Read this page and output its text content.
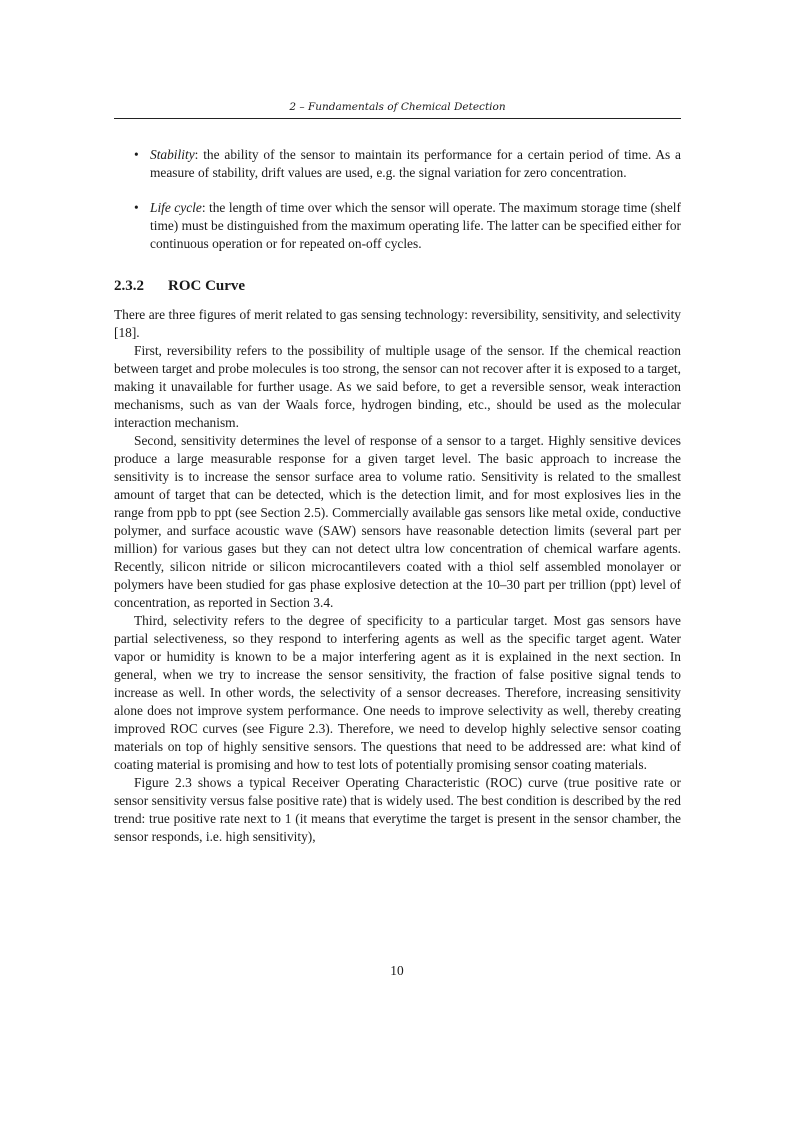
2 – Fundamentals of Chemical Detection
• Stability: the ability of the sensor to maintain its performance for a certain period of time. As a measure of stability, drift values are used, e.g. the signal variation for zero concentration.
• Life cycle: the length of time over which the sensor will operate. The maximum storage time (shelf time) must be distinguished from the maximum operating life. The latter can be specified either for continuous operation or for repeated on-off cycles.
2.3.2 ROC Curve

There are three figures of merit related to gas sensing technology: reversibility, sensitivity, and selectivity [18].

First, reversibility refers to the possibility of multiple usage of the sensor. If the chemical reaction between target and probe molecules is too strong, the sensor can not recover after it is exposed to a target, making it unavailable for further usage. As we said before, to get a reversible sensor, weak interaction mechanisms, such as van der Waals force, hydrogen binding, etc., should be used as the molecular interaction mechanism.

Second, sensitivity determines the level of response of a sensor to a target. Highly sensitive devices produce a large measurable response for a given target level. The basic approach to increase the sensitivity is to increase the sensor surface area to volume ratio. Sensitivity is related to the smallest amount of target that can be detected, which is the detection limit, and for most explosives lies in the range from ppb to ppt (see Section 2.5). Commercially available gas sensors like metal oxide, conductive polymer, and surface acoustic wave (SAW) sensors have reasonable detection limits (several part per million) for various gases but they can not detect ultra low concentration of chemical warfare agents. Recently, silicon nitride or silicon microcantilevers coated with a thiol self assembled monolayer or polymers have been studied for gas phase explosive detection at the 10–30 part per trillion (ppt) level of concentration, as reported in Section 3.4.

Third, selectivity refers to the degree of specificity to a particular target. Most gas sensors have partial selectiveness, so they respond to interfering agents as well as the specific target agent. Water vapor or humidity is known to be a major interfering agent as it is explained in the next section. In general, when we try to increase the sensor sensitivity, the fraction of false positive signal tends to increase as well. In other words, the selectivity of a sensor decreases. Therefore, increasing sensitivity alone does not improve system performance. One needs to improve selectivity as well, thereby creating improved ROC curves (see Figure 2.3). Therefore, we need to develop highly selective sensor coating materials on top of highly sensitive sensors. The questions that need to be addressed are: what kind of coating material is promising and how to test lots of potentially promising sensor coating materials.

Figure 2.3 shows a typical Receiver Operating Characteristic (ROC) curve (true positive rate or sensor sensitivity versus false positive rate) that is widely used. The best condition is described by the red trend: true positive rate next to 1 (it means that everytime the target is present in the sensor chamber, the sensor responds, i.e. high sensitivity),

10
